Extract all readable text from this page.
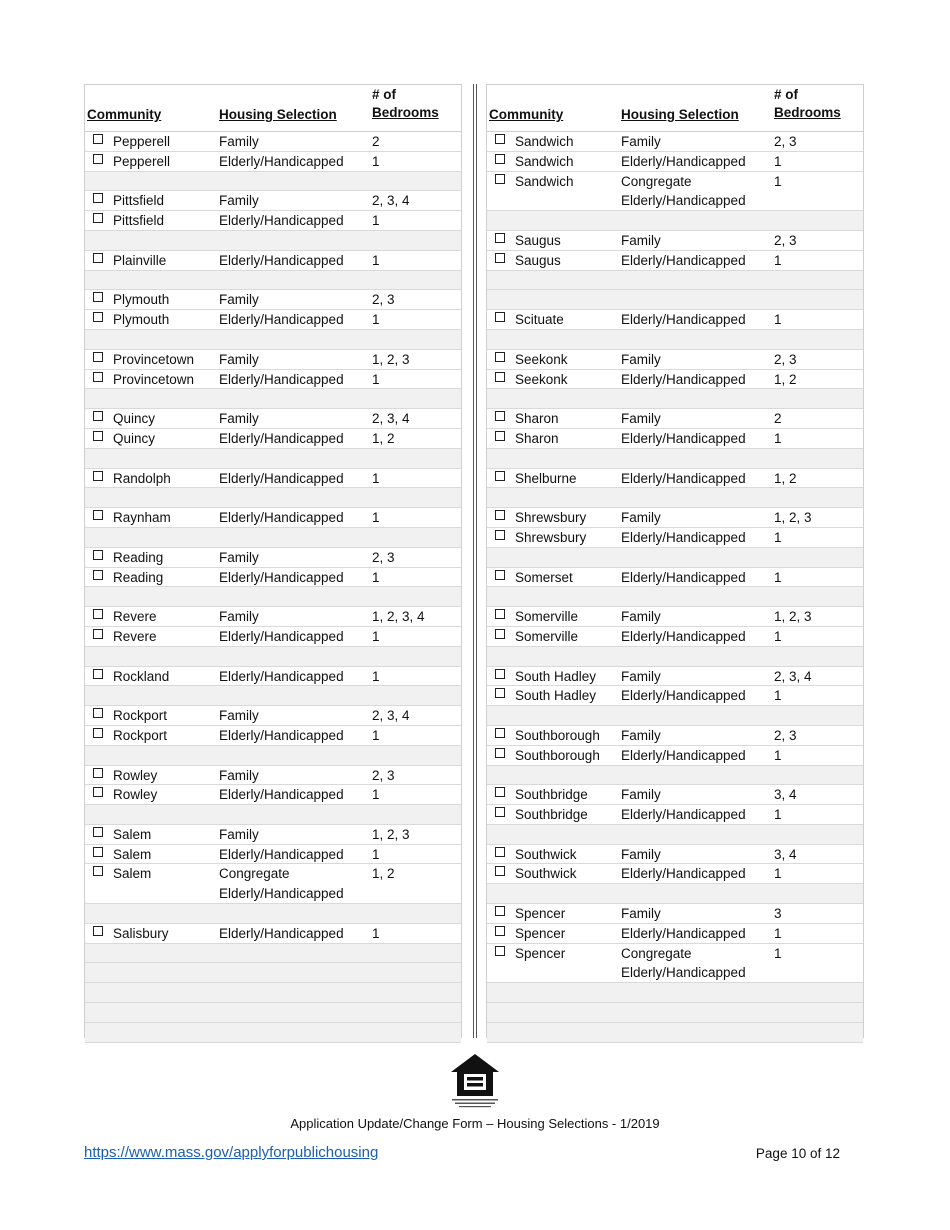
Community	Housing Selection
# of
Bedrooms
Pepperell	Family	2
Pepperell	Elderly/Handicapped 1
Pittsfield	Family	2, 3, 4
Pittsfield	Elderly/Handicapped 1
Plainville	Elderly/Handicapped 1
Plymouth	Family	2, 3
Plymouth	Elderly/Handicapped 1
Provincetown Family	1, 2, 3
Provincetown Elderly/Handicapped 1
Quincy	Family	2, 3, 4
Quincy	Elderly/Handicapped 1, 2
Randolph	Elderly/Handicapped 1
Raynham	Elderly/Handicapped 1
Reading	Family	2, 3
Reading	Elderly/Handicapped 1
Revere	Family	1, 2, 3, 4
Revere	Elderly/Handicapped 1
Rockland	Elderly/Handicapped 1
Rockport	Family	2, 3, 4
Rockport	Elderly/Handicapped 1
Rowley	Family	2, 3
Rowley	Elderly/Handicapped 1
Salem	Family	1, 2, 3
Salem	Elderly/Handicapped 1
Salem	Congregate	1, 2
Elderly/Handicapped
Salisbury	Elderly/Handicapped 1
Community	Housing Selection
# of
Bedrooms
Sandwich	Family	2, 3
Sandwich	Elderly/Handicapped 1
Sandwich	Congregate	1
Elderly/Handicapped
Saugus	Family	2, 3
Saugus	Elderly/Handicapped 1
Scituate	Elderly/Handicapped 1
Seekonk	Family	2, 3
Seekonk	Elderly/Handicapped 1, 2
Sharon	Family	2
Sharon	Elderly/Handicapped 1
Shelburne	Elderly/Handicapped 1, 2
Shrewsbury	Family	1, 2, 3
Shrewsbury	Elderly/Handicapped 1
Somerset	Elderly/Handicapped 1
Somerville	Family	1, 2, 3
Somerville	Elderly/Handicapped 1
South Hadley Family	2, 3, 4
South Hadley Elderly/Handicapped 1
Southborough Family	2, 3
Southborough Elderly/Handicapped 1
Southbridge Family	3, 4
Southbridge Elderly/Handicapped 1
Southwick	Family	3, 4
Southwick	Elderly/Handicapped 1
Spencer	Family	3
Spencer	Elderly/Handicapped 1
Spencer	Congregate	1
Elderly/Handicapped
Application Update/Change Form – Housing Selections - 1/2019
https://www.mass.gov/applyforpublichousing	Page 10 of 12
